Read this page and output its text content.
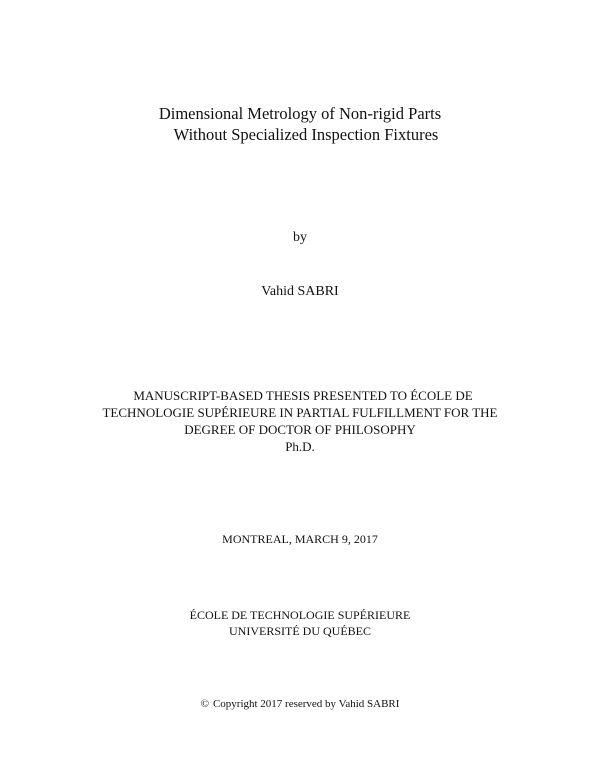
Dimensional Metrology of Non-rigid Parts
Without Specialized Inspection Fixtures
by
Vahid SABRI
MANUSCRIPT-BASED THESIS PRESENTED TO ÉCOLE DE
TECHNOLOGIE SUPÉRIEURE IN PARTIAL FULFILLMENT FOR THE
DEGREE OF DOCTOR OF PHILOSOPHY
Ph.D.
MONTREAL, MARCH 9, 2017
ÉCOLE DE TECHNOLOGIE SUPÉRIEURE
UNIVERSITÉ DU QUÉBEC
© Copyright 2017 reserved by Vahid SABRI
